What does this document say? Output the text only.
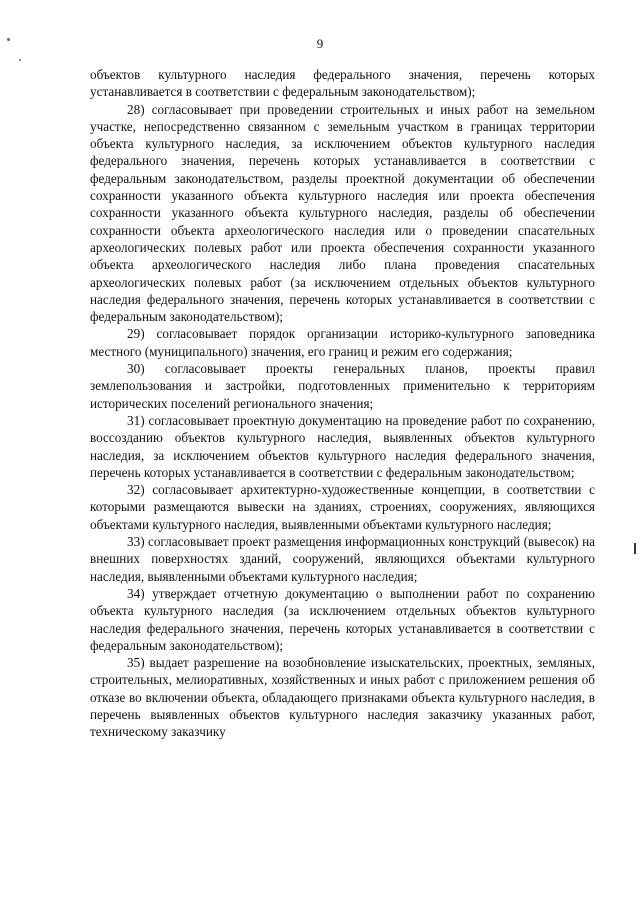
9

объектов культурного наследия федерального значения, перечень которых устанавливается в соответствии с федеральным законодательством);

28) согласовывает при проведении строительных и иных работ на земельном участке, непосредственно связанном с земельным участком в границах территории объекта культурного наследия, за исключением объектов культурного наследия федерального значения, перечень которых устанавливается в соответствии с федеральным законодательством, разделы проектной документации об обеспечении сохранности указанного объекта культурного наследия или проекта обеспечения сохранности указанного объекта культурного наследия, разделы об обеспечении сохранности объекта археологического наследия или о проведении спасательных археологических полевых работ или проекта обеспечения сохранности указанного объекта археологического наследия либо плана проведения спасательных археологических полевых работ (за исключением отдельных объектов культурного наследия федерального значения, перечень которых устанавливается в соответствии с федеральным законодательством);

29) согласовывает порядок организации историко-культурного заповедника местного (муниципального) значения, его границ и режим его содержания;

30) согласовывает проекты генеральных планов, проекты правил землепользования и застройки, подготовленных применительно к территориям исторических поселений регионального значения;

31) согласовывает проектную документацию на проведение работ по сохранению, воссозданию объектов культурного наследия, выявленных объектов культурного наследия, за исключением объектов культурного наследия федерального значения, перечень которых устанавливается в соответствии с федеральным законодательством;

32) согласовывает архитектурно-художественные концепции, в соответствии с которыми размещаются вывески на зданиях, строениях, сооружениях, являющихся объектами культурного наследия, выявленными объектами культурного наследия;

33) согласовывает проект размещения информационных конструкций (вывесок) на внешних поверхностях зданий, сооружений, являющихся объектами культурного наследия, выявленными объектами культурного наследия;

34) утверждает отчетную документацию о выполнении работ по сохранению объекта культурного наследия (за исключением отдельных объектов культурного наследия федерального значения, перечень которых устанавливается в соответствии с федеральным законодательством);

35) выдает разрешение на возобновление изыскательских, проектных, земляных, строительных, мелиоративных, хозяйственных и иных работ с приложением решения об отказе во включении объекта, обладающего признаками объекта культурного наследия, в перечень выявленных объектов культурного наследия заказчику указанных работ, техническому заказчику
